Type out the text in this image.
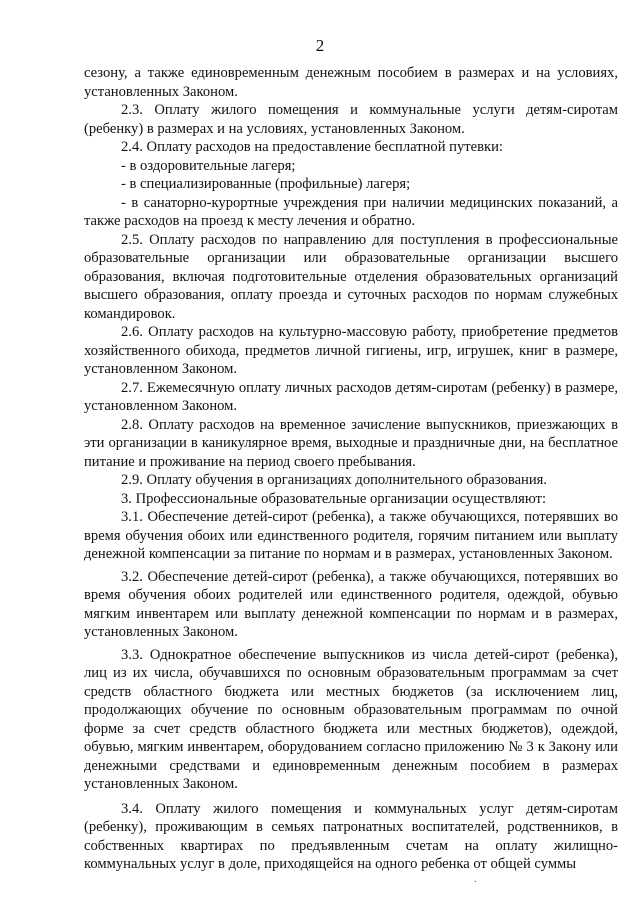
2

сезону, а также единовременным денежным пособием в размерах и на условиях, установленных Законом.

2.3. Оплату жилого помещения и коммунальные услуги детям-сиротам (ребенку) в размерах и на условиях, установленных Законом.

2.4. Оплату расходов на предоставление бесплатной путевки:

- в оздоровительные лагеря;

- в специализированные (профильные) лагеря;

- в санаторно-курортные учреждения при наличии медицинских показаний, а также расходов на проезд к месту лечения и обратно.

2.5. Оплату расходов по направлению для поступления в профессиональные образовательные организации или образовательные организации высшего образования, включая подготовительные отделения образовательных организаций высшего образования, оплату проезда и суточных расходов по нормам служебных командировок.

2.6. Оплату расходов на культурно-массовую работу, приобретение предметов хозяйственного обихода, предметов личной гигиены, игр, игрушек, книг в размере, установленном Законом.

2.7. Ежемесячную оплату личных расходов детям-сиротам (ребенку) в размере, установленном Законом.

2.8. Оплату расходов на временное зачисление выпускников, приезжающих в эти организации в каникулярное время, выходные и праздничные дни, на бесплатное питание и проживание на период своего пребывания.

2.9. Оплату обучения в организациях дополнительного образования.

3. Профессиональные образовательные организации осуществляют:

3.1. Обеспечение детей-сирот (ребенка), а также обучающихся, потерявших во время обучения обоих или единственного родителя, горячим питанием или выплату денежной компенсации за питание по нормам и в размерах, установленных Законом.

3.2. Обеспечение детей-сирот (ребенка), а также обучающихся, потерявших во время обучения обоих родителей или единственного родителя, одеждой, обувью мягким инвентарем или выплату денежной компенсации по нормам и в размерах, установленных Законом.

3.3. Однократное обеспечение выпускников из числа детей-сирот (ребенка), лиц из их числа, обучавшихся по основным образовательным программам за счет средств областного бюджета или местных бюджетов (за исключением лиц, продолжающих обучение по основным образовательным программам по очной форме за счет средств областного бюджета или местных бюджетов), одеждой, обувью, мягким инвентарем, оборудованием согласно приложению № 3 к Закону или денежными средствами и единовременным денежным пособием в размерах установленных Законом.

3.4. Оплату жилого помещения и коммунальных услуг детям-сиротам (ребенку), проживающим в семьях патронатных воспитателей, родственников, в собственных квартирах по предъявленным счетам на оплату жилищно-коммунальных услуг в доле, приходящейся на одного ребенка от общей суммы

.
